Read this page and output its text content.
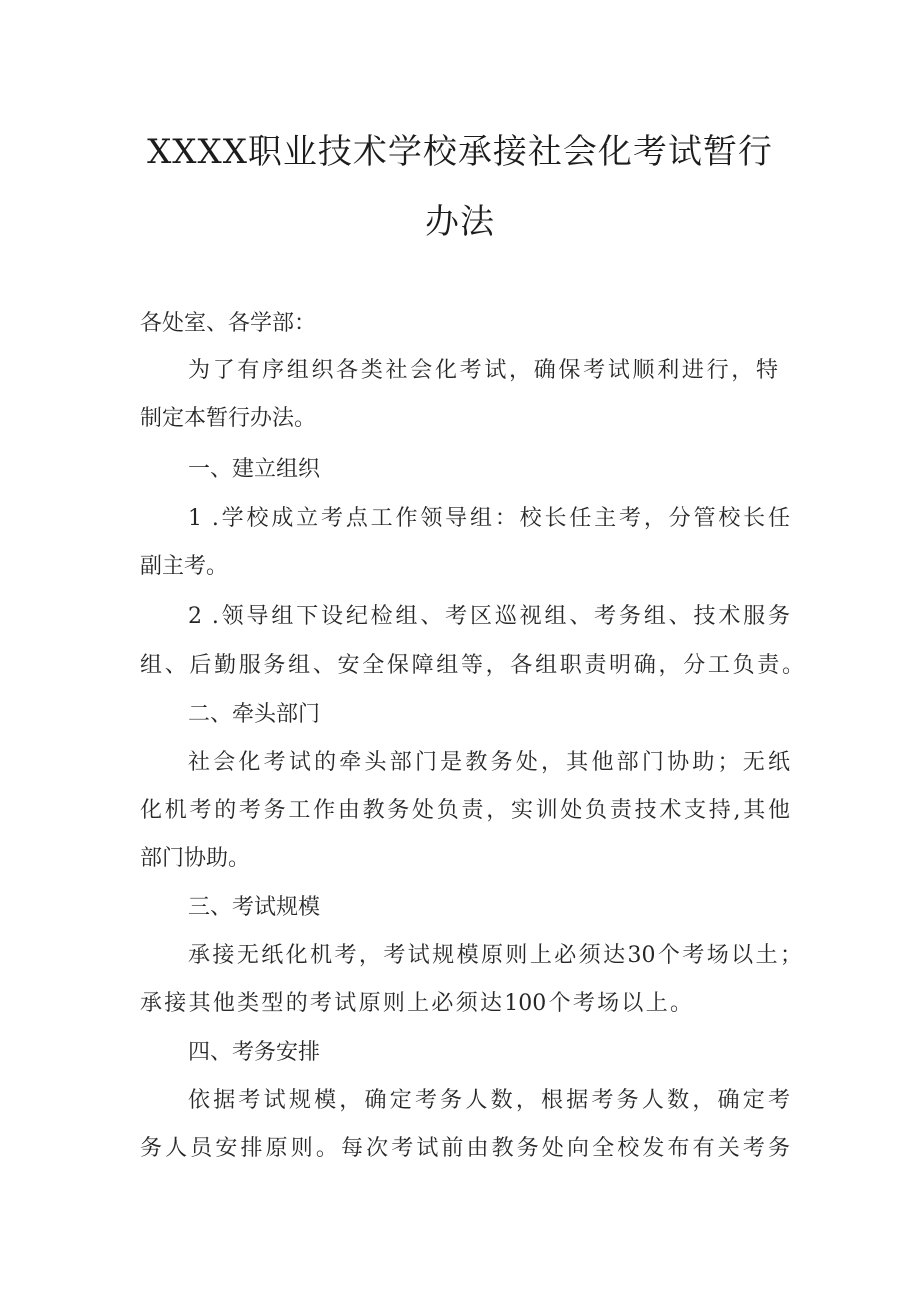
XXXX职业技术学校承接社会化考试暂行
办法
各处室、各学部：
为了有序组织各类社会化考试，确保考试顺利进行，特
制定本暂行办法。
一、建立组织
1 .学校成立考点工作领导组：校长任主考，分管校长任
副主考。
2 .领导组下设纪检组、考区巡视组、考务组、技术服务
组、后勤服务组、安全保障组等，各组职责明确，分工负责。
二、牵头部门
社会化考试的牵头部门是教务处，其他部门协助；无纸
化机考的考务工作由教务处负责，实训处负责技术支持,其他
部门协助。
三、考试规模
承接无纸化机考，考试规模原则上必须达30个考场以土；
承接其他类型的考试原则上必须达100个考场以上。
四、考务安排
依据考试规模，确定考务人数，根据考务人数，确定考
务人员安排原则。每次考试前由教务处向全校发布有关考务
